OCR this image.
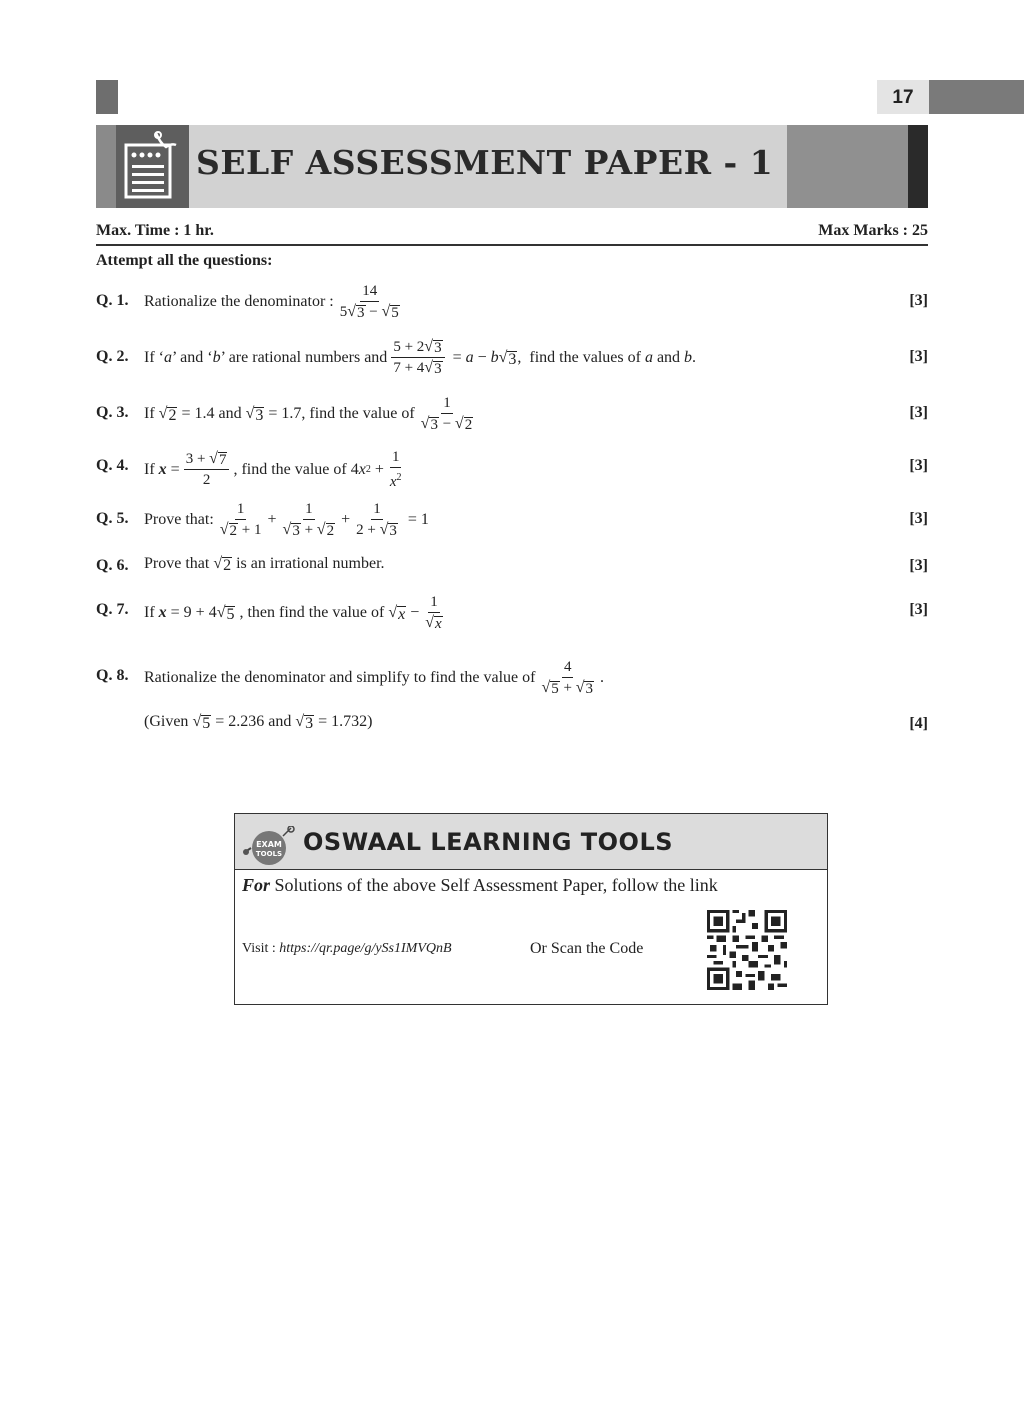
17
SELF ASSESSMENT PAPER - 1
Max. Time : 1 hr.	Max Marks : 25
Attempt all the questions:
Q. 1. Rationalize the denominator : $\frac{14}{5 √ 3 - √ 5}$	[3]
Q. 2. If ‘ a ’ and ‘ b ’ are rational numbers and $\frac{5 + 2 √ 3}{7 + 4 √ 3} = a - b$ √ 3 , find the values of
a
and
b .	[3]
Q. 3. If
√ 2
= 1.4 and
√ 3
= 1.7, find the value of $\frac{1}{√ 3 - √ 2}$	[3]
Q. 4. If
$x = \frac{3 + √ 7}{2}$ , find the value of 4 x $2 + \frac{1}{x^2}$	[3]
Q. 5. Prove that: $\frac{1}{√ 2 + 1} + \frac{1}{√ 3 + √ 2} + \frac{1}{2 + √ 3} = 1$	[3]
Q. 6. Prove that
√ 2
is an irrational number.	[3]
Q. 7. If
x = 9 + 4 √ 5
, then find the value of
√ $x - \frac{1}{√ x}$	[3]
Q. 8. Rationalize the denominator and simplify to find the value of $\frac{4}{√ 5 + √ 3}$ .
(Given
√ 5
= 2.236 and
√ 3
= 1.732)	[4]
EXAM
TOOLS OSWAAL LEARNING TOOLS
For Solutions of the above Self Assessment Paper, follow the link
Visit : https://qr.page/g/ySs1IMVQnB	Or Scan the Code
